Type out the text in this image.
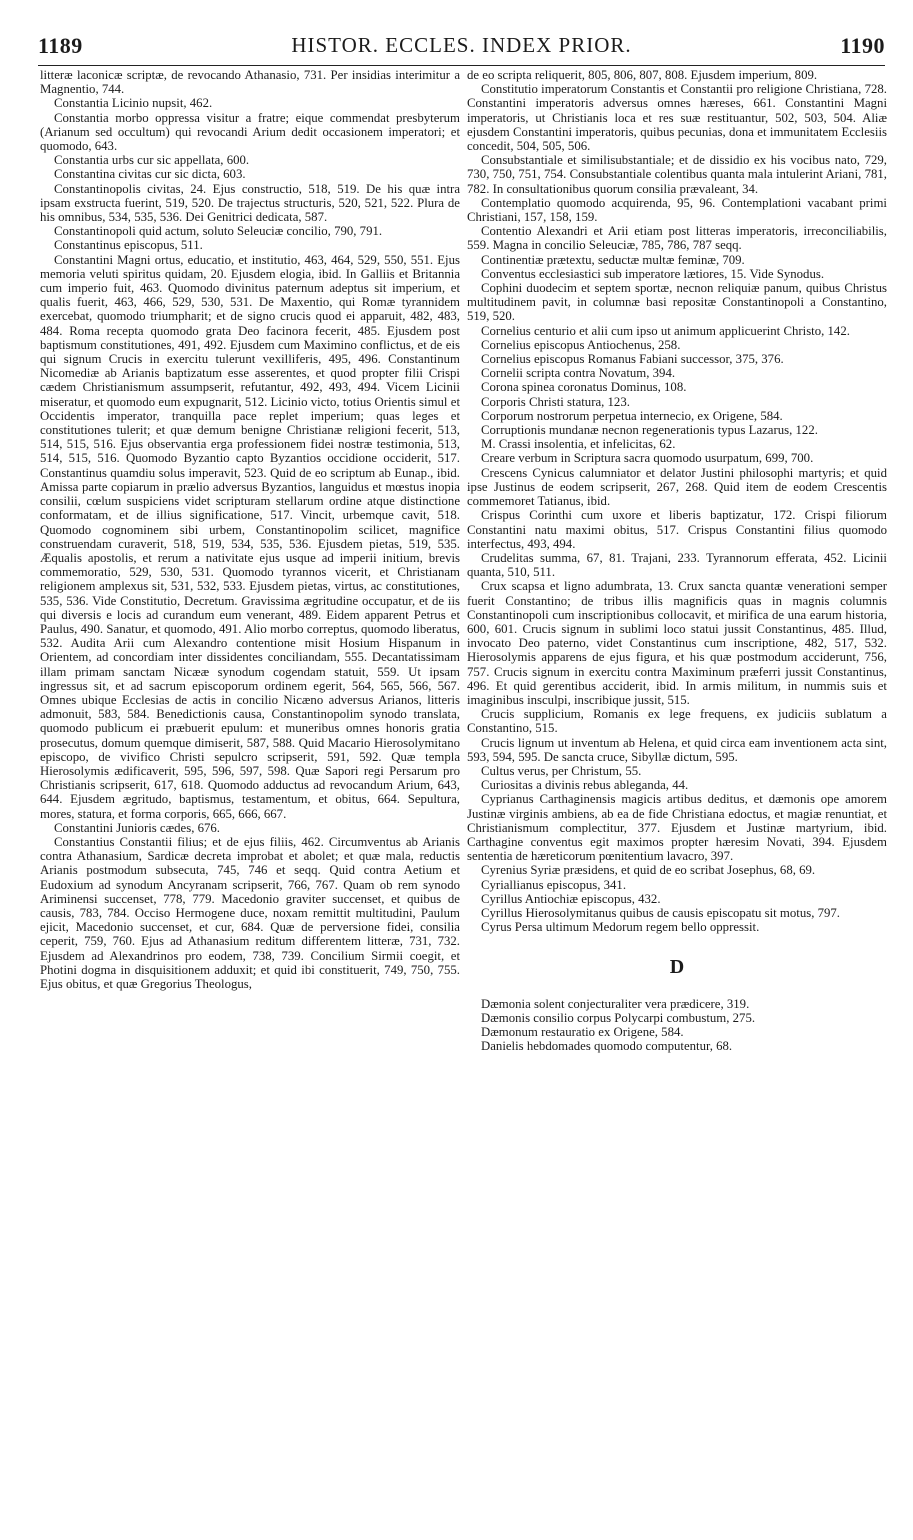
1189	HISTOR. ECCLES. INDEX PRIOR.	1190

litteræ laconicæ scriptæ, de revocando Athanasio, 731. Per insidias interimitur a Magnentio, 744.

Constantia Licinio nupsit, 462.

Constantia morbo oppressa visitur a fratre; eique commendat presbyterum (Arianum sed occultum) qui revocandi Arium dedit occasionem imperatori; et quomodo, 643.

Constantia urbs cur sic appellata, 600.

Constantina civitas cur sic dicta, 603.

Constantinopolis civitas, 24. Ejus constructio, 518, 519. De his quæ intra ipsam exstructa fuerint, 519, 520. De trajectus structuris, 520, 521, 522. Plura de his omnibus, 534, 535, 536. Dei Genitrici dedicata, 587.

Constantinopoli quid actum, soluto Seleuciæ concilio, 790, 791.

Constantinus episcopus, 511.

Constantini Magni ortus, educatio, et institutio, 463, 464, 529, 550, 551. Ejus memoria veluti spiritus quidam, 20. Ejusdem elogia, ibid. In Galliis et Britannia cum imperio fuit, 463. Quomodo divinitus paternum adeptus sit imperium, et qualis fuerit, 463, 466, 529, 530, 531. De Maxentio, qui Romæ tyrannidem exercebat, quomodo triumpharit; et de signo crucis quod ei apparuit, 482, 483, 484. Roma recepta quomodo grata Deo facinora fecerit, 485. Ejusdem post baptismum constitutiones, 491, 492. Ejusdem cum Maximino conflictus, et de eis qui signum Crucis in exercitu tulerunt vexilliferis, 495, 496. Constantinum Nicomediæ ab Arianis baptizatum esse asserentes, et quod propter filii Crispi cædem Christianismum assumpserit, refutantur, 492, 493, 494. Vicem Licinii miseratur, et quomodo eum expugnarit, 512. Licinio victo, totius Orientis simul et Occidentis imperator, tranquilla pace replet imperium; quas leges et constitutiones tulerit; et quæ demum benigne Christianæ religioni fecerit, 513, 514, 515, 516. Ejus observantia erga professionem fidei nostræ testimonia, 513, 514, 515, 516. Quomodo Byzantio capto Byzantios occidione occiderit, 517. Constantinus quamdiu solus imperavit, 523. Quid de eo scriptum ab Eunap., ibid. Amissa parte copiarum in prælio adversus Byzantios, languidus et mœstus inopia consilii, cœlum suspiciens videt scripturam stellarum ordine atque distinctione conformatam, et de illius significatione, 517. Vincit, urbemque cavit, 518. Quomodo cognominem sibi urbem, Constantinopolim scilicet, magnifice construendam curaverit, 518, 519, 534, 535, 536. Ejusdem pietas, 519, 535. Æqualis apostolis, et rerum a nativitate ejus usque ad imperii initium, brevis commemoratio, 529, 530, 531. Quomodo tyrannos vicerit, et Christianam religionem amplexus sit, 531, 532, 533. Ejusdem pietas, virtus, ac constitutiones, 535, 536. Vide Constitutio, Decretum. Gravissima ægritudine occupatur, et de iis qui diversis e locis ad curandum eum venerant, 489. Eidem apparent Petrus et Paulus, 490. Sanatur, et quomodo, 491. Alio morbo correptus, quomodo liberatus, 532. Audita Arii cum Alexandro contentione misit Hosium Hispanum in Orientem, ad concordiam inter dissidentes conciliandam, 555. Decantatissimam illam primam sanctam Nicææ synodum cogendam statuit, 559. Ut ipsam ingressus sit, et ad sacrum episcoporum ordinem egerit, 564, 565, 566, 567. Omnes ubique Ecclesias de actis in concilio Nicæno adversus Arianos, litteris admonuit, 583, 584. Benedictionis causa, Constantinopolim synodo translata, quomodo publicum ei præbuerit epulum: et muneribus omnes honoris gratia prosecutus, domum quemque dimiserit, 587, 588. Quid Macario Hierosolymitano episcopo, de vivifico Christi sepulcro scripserit, 591, 592. Quæ templa Hierosolymis ædificaverit, 595, 596, 597, 598. Quæ Sapori regi Persarum pro Christianis scripserit, 617, 618. Quomodo adductus ad revocandum Arium, 643, 644. Ejusdem ægritudo, baptismus, testamentum, et obitus, 664. Sepultura, mores, statura, et forma corporis, 665, 666, 667.

Constantini Junioris cædes, 676.

Constantius Constantii filius; et de ejus filiis, 462. Circumventus ab Arianis contra Athanasium, Sardicæ decreta improbat et abolet; et quæ mala, reductis Arianis postmodum subsecuta, 745, 746 et seqq. Quid contra Aetium et Eudoxium ad synodum Ancyranam scripserit, 766, 767. Quam ob rem synodo Ariminensi succenset, 778, 779. Macedonio graviter succenset, et quibus de causis, 783, 784. Occiso Hermogene duce, noxam remittit multitudini, Paulum ejicit, Macedonio succenset, et cur, 684. Quæ de perversione fidei, consilia ceperit, 759, 760. Ejus ad Athanasium reditum differentem litteræ, 731, 732. Ejusdem ad Alexandrinos pro eodem, 738, 739. Concilium Sirmii coegit, et Photini dogma in disquisitionem adduxit; et quid ibi constituerit, 749, 750, 755. Ejus obitus, et quæ Gregorius Theologus,

de eo scripta reliquerit, 805, 806, 807, 808. Ejusdem imperium, 809.

Constitutio imperatorum Constantis et Constantii pro religione Christiana, 728. Constantini imperatoris adversus omnes hæreses, 661. Constantini Magni imperatoris, ut Christianis loca et res suæ restituantur, 502, 503, 504. Aliæ ejusdem Constantini imperatoris, quibus pecunias, dona et immunitatem Ecclesiis concedit, 504, 505, 506.

Consubstantiale et similisubstantiale; et de dissidio ex his vocibus nato, 729, 730, 750, 751, 754. Consubstantiale colentibus quanta mala intulerint Ariani, 781, 782. In consultationibus quorum consilia prævaleant, 34.

Contemplatio quomodo acquirenda, 95, 96. Contemplationi vacabant primi Christiani, 157, 158, 159.

Contentio Alexandri et Arii etiam post litteras imperatoris, irreconciliabilis, 559. Magna in concilio Seleuciæ, 785, 786, 787 seqq.

Continentiæ prætextu, seductæ multæ feminæ, 709.

Conventus ecclesiastici sub imperatore lætiores, 15. Vide Synodus.

Cophini duodecim et septem sportæ, necnon reliquiæ panum, quibus Christus multitudinem pavit, in columnæ basi repositæ Constantinopoli a Constantino, 519, 520.

Cornelius centurio et alii cum ipso ut animum applicuerint Christo, 142.

Cornelius episcopus Antiochenus, 258.

Cornelius episcopus Romanus Fabiani successor, 375, 376.

Cornelii scripta contra Novatum, 394.

Corona spinea coronatus Dominus, 108.

Corporis Christi statura, 123.

Corporum nostrorum perpetua internecio, ex Origene, 584.

Corruptionis mundanæ necnon regenerationis typus Lazarus, 122.

M. Crassi insolentia, et infelicitas, 62.

Creare verbum in Scriptura sacra quomodo usurpatum, 699, 700.

Crescens Cynicus calumniator et delator Justini philosophi martyris; et quid ipse Justinus de eodem scripserit, 267, 268. Quid item de eodem Crescentis commemoret Tatianus, ibid.

Crispus Corinthi cum uxore et liberis baptizatur, 172. Crispi filiorum Constantini natu maximi obitus, 517. Crispus Constantini filius quomodo interfectus, 493, 494.

Crudelitas summa, 67, 81. Trajani, 233. Tyrannorum efferata, 452. Licinii quanta, 510, 511.

Crux scapsa et ligno adumbrata, 13. Crux sancta quantæ venerationi semper fuerit Constantino; de tribus illis magnificis quas in magnis columnis Constantinopoli cum inscriptionibus collocavit, et mirifica de una earum historia, 600, 601. Crucis signum in sublimi loco statui jussit Constantinus, 485. Illud, invocato Deo paterno, videt Constantinus cum inscriptione, 482, 517, 532. Hierosolymis apparens de ejus figura, et his quæ postmodum acciderunt, 756, 757. Crucis signum in exercitu contra Maximinum præferri jussit Constantinus, 496. Et quid gerentibus acciderit, ibid. In armis militum, in nummis suis et imaginibus insculpi, inscribique jussit, 515.

Crucis supplicium, Romanis ex lege frequens, ex judiciis sublatum a Constantino, 515.

Crucis lignum ut inventum ab Helena, et quid circa eam inventionem acta sint, 593, 594, 595. De sancta cruce, Sibyllæ dictum, 595.

Cultus verus, per Christum, 55.

Curiositas a divinis rebus ableganda, 44.

Cyprianus Carthaginensis magicis artibus deditus, et dæmonis ope amorem Justinæ virginis ambiens, ab ea de fide Christiana edoctus, et magiæ renuntiat, et Christianismum complectitur, 377. Ejusdem et Justinæ martyrium, ibid. Carthagine conventus egit maximos propter hæresim Novati, 394. Ejusdem sententia de hæreticorum pœnitentium lavacro, 397.

Cyrenius Syriæ præsidens, et quid de eo scribat Josephus, 68, 69.

Cyriallianus episcopus, 341.

Cyrillus Antiochiæ episcopus, 432.

Cyrillus Hierosolymitanus quibus de causis episcopatu sit motus, 797.

Cyrus Persa ultimum Medorum regem bello oppressit.

D

Dæmonia solent conjecturaliter vera prædicere, 319.

Dæmonis consilio corpus Polycarpi combustum, 275.

Dæmonum restauratio ex Origene, 584.

Danielis hebdomades quomodo computentur, 68.
